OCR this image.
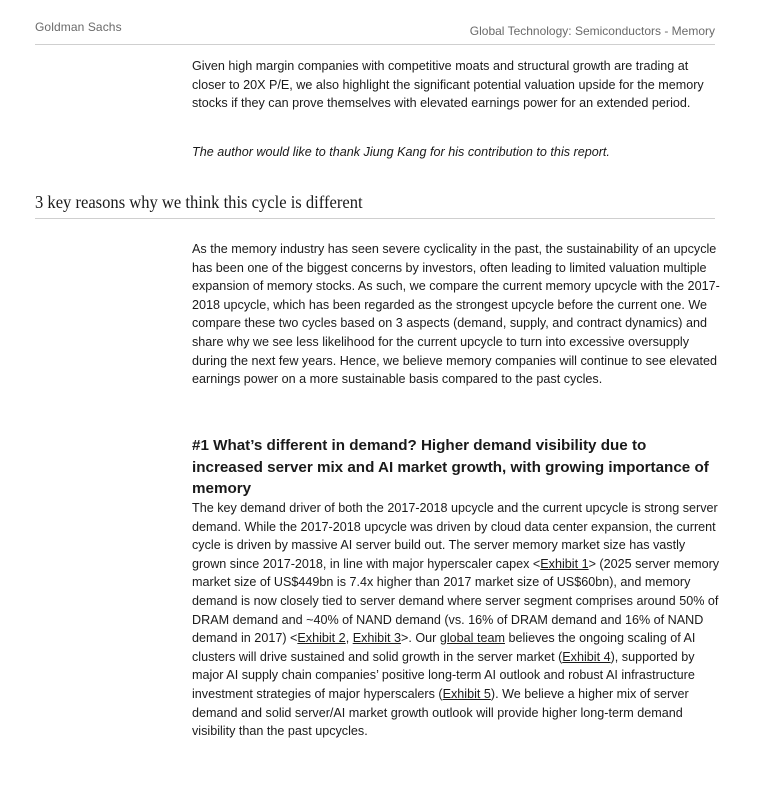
Goldman Sachs	Global Technology: Semiconductors - Memory

Given high margin companies with competitive moats and structural growth are trading at closer to 20X P/E, we also highlight the significant potential valuation upside for the memory stocks if they can prove themselves with elevated earnings power for an extended period.

The author would like to thank Jiung Kang for his contribution to this report.

3 key reasons why we think this cycle is different

As the memory industry has seen severe cyclicality in the past, the sustainability of an upcycle has been one of the biggest concerns by investors, often leading to limited valuation multiple expansion of memory stocks. As such, we compare the current memory upcycle with the 2017-2018 upcycle, which has been regarded as the strongest upcycle before the current one. We compare these two cycles based on 3 aspects (demand, supply, and contract dynamics) and share why we see less likelihood for the current upcycle to turn into excessive oversupply during the next few years. Hence, we believe memory companies will continue to see elevated earnings power on a more sustainable basis compared to the past cycles.

#1 What’s different in demand? Higher demand visibility due to increased server mix and AI market growth, with growing importance of memory

The key demand driver of both the 2017-2018 upcycle and the current upcycle is strong server demand. While the 2017-2018 upcycle was driven by cloud data center expansion, the current cycle is driven by massive AI server build out. The server memory market size has vastly grown since 2017-2018, in line with major hyperscaler capex <Exhibit 1> (2025 server memory market size of US$449bn is 7.4x higher than 2017 market size of US$60bn), and memory demand is now closely tied to server demand where server segment comprises around 50% of DRAM demand and ~40% of NAND demand (vs. 16% of DRAM demand and 16% of NAND demand in 2017) <Exhibit 2, Exhibit 3>. Our global team believes the ongoing scaling of AI clusters will drive sustained and solid growth in the server market (Exhibit 4), supported by major AI supply chain companies’ positive long-term AI outlook and robust AI infrastructure investment strategies of major hyperscalers (Exhibit 5). We believe a higher mix of server demand and solid server/AI market growth outlook will provide higher long-term demand visibility than the past upcycles.
